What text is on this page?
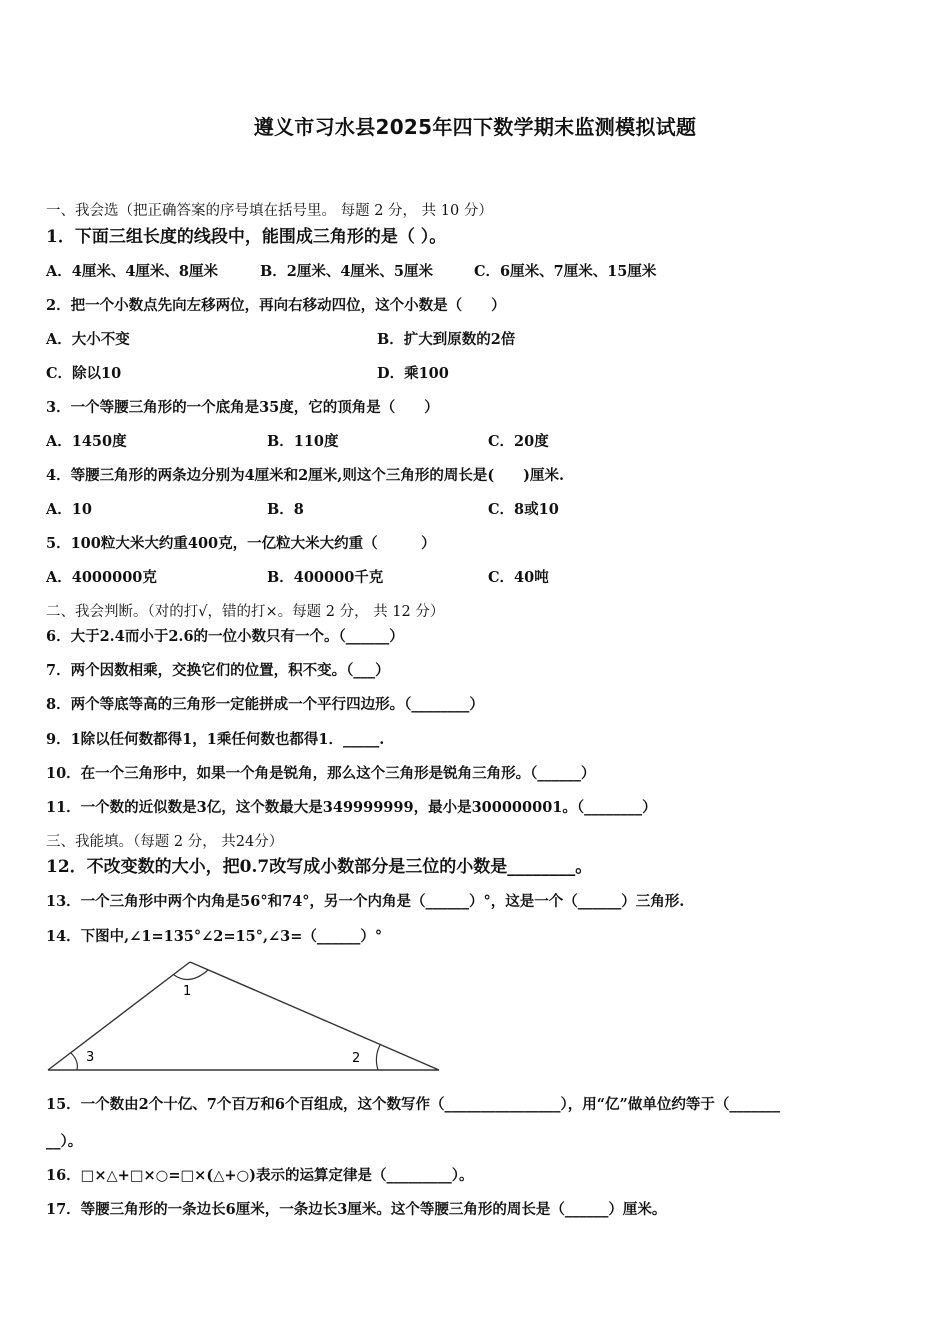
遵义市习水县2025年四下数学期末监测模拟试题
一、我会选（把正确答案的序号填在括号里。 每题 2 分， 共 10 分）
1．下面三组长度的线段中，能围成三角形的是（ ）。
A．4厘米、4厘米、8厘米	B．2厘米、4厘米、5厘米	C．6厘米、7厘米、15厘米
2．把一个小数点先向左移两位，再向右移动四位，这个小数是（　　）
A．大小不变	B．扩大到原数的2倍
C．除以10	D．乘100
3．一个等腰三角形的一个底角是35度，它的顶角是（　　）
A．1450度	B．110度	C．20度
4．等腰三角形的两条边分别为4厘米和2厘米,则这个三角形的周长是(　　)厘米.
A．10	B．8	C．8或10
5．100粒大米大约重400克，一亿粒大米大约重（　　　）
A．4000000克	B．400000千克	C．40吨
二、我会判断。（对的打√，错的打×。每题 2 分， 共 12 分）
6．大于2.4而小于2.6的一位小数只有一个。（______）
7．两个因数相乘，交换它们的位置，积不变。（___）
8．两个等底等高的三角形一定能拼成一个平行四边形。（________）
9．1除以任何数都得1，1乘任何数也都得1．_____.
10．在一个三角形中，如果一个角是锐角，那么这个三角形是锐角三角形。（______）
11．一个数的近似数是3亿，这个数最大是349999999，最小是300000001。（________）
三、我能填。（每题 2 分， 共24分）
12．不改变数的大小，把0.7改写成小数部分是三位的小数是________。
13．一个三角形中两个内角是56°和74°，另一个内角是（______）°，这是一个（______）三角形.
14．下图中,∠1=135°∠2=15°,∠3=（______）°
1
2
3
15．一个数由2个十亿、7个百万和6个百组成，这个数写作（________________），用“亿”做单位约等于（_______
__）。
16．□×△+□×○=□×(△+○)表示的运算定律是（_________）。
17．等腰三角形的一条边长6厘米，一条边长3厘米。这个等腰三角形的周长是（______）厘米。
